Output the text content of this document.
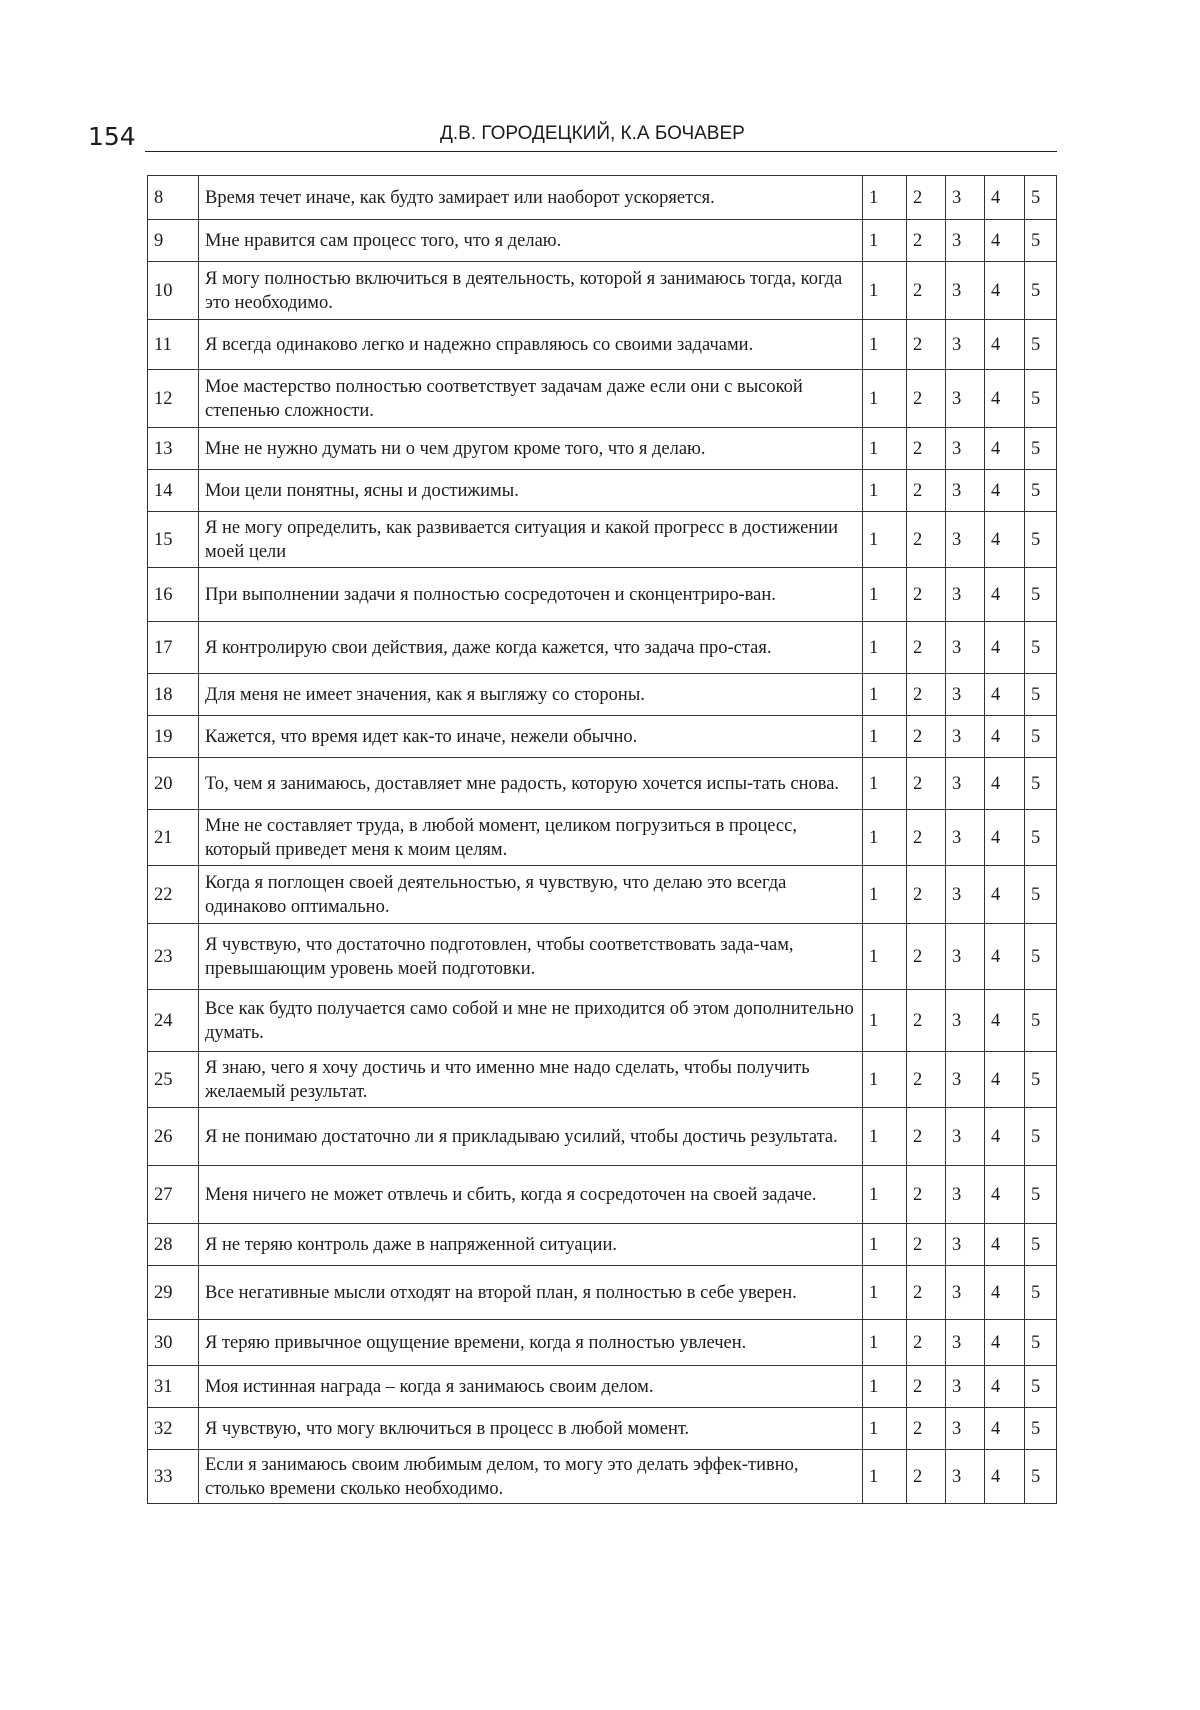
154	Д.В. ГОРОДЕЦКИЙ, К.А БОЧАВЕР
8	Время течет иначе, как будто замирает или наоборот ускоряется.	1	2	3	4	5
9	Мне нравится сам процесс того, что я делаю.	1	2	3	4	5
10	Я могу полностью включиться в деятельность, которой я занимаюсь тогда, когда это необходимо.	1	2	3	4	5
11	Я всегда одинаково легко и надежно справляюсь со своими задачами.	1	2	3	4	5
12	Мое мастерство полностью соответствует задачам даже если они с высокой степенью сложности.	1	2	3	4	5
13	Мне не нужно думать ни о чем другом кроме того, что я делаю.	1	2	3	4	5
14	Мои цели понятны, ясны и достижимы.	1	2	3	4	5
15	Я не могу определить, как развивается ситуация и какой прогресс в достижении моей цели	1	2	3	4	5
16	При выполнении задачи я полностью сосредоточен и сконцентриро-ван.	1	2	3	4	5
17	Я контролирую свои действия, даже когда кажется, что задача про-стая.	1	2	3	4	5
18	Для меня не имеет значения, как я выгляжу со стороны.	1	2	3	4	5
19	Кажется, что время идет как-то иначе, нежели обычно.	1	2	3	4	5
20	То, чем я занимаюсь, доставляет мне радость, которую хочется испы-тать снова.	1	2	3	4	5
21	Мне не составляет труда, в любой момент, целиком погрузиться в процесс, который приведет меня к моим целям.	1	2	3	4	5
22	Когда я поглощен своей деятельностью, я чувствую, что делаю это всегда одинаково оптимально.	1	2	3	4	5
23	Я чувствую, что достаточно подготовлен, чтобы соответствовать зада-чам, превышающим уровень моей подготовки.	1	2	3	4	5
24	Все как будто получается само собой и мне не приходится об этом дополнительно думать.	1	2	3	4	5
25	Я знаю, чего я хочу достичь и что именно мне надо сделать, чтобы получить желаемый результат.	1	2	3	4	5
26	Я не понимаю достаточно ли я прикладываю усилий, чтобы достичь результата.	1	2	3	4	5
27	Меня ничего не может отвлечь и сбить, когда я сосредоточен на своей задаче.	1	2	3	4	5
28	Я не теряю контроль даже в напряженной ситуации.	1	2	3	4	5
29	Все негативные мысли отходят на второй план, я полностью в себе уверен.	1	2	3	4	5
30	Я теряю привычное ощущение времени, когда я полностью увлечен.	1	2	3	4	5
31	Моя истинная награда – когда я занимаюсь своим делом.	1	2	3	4	5
32	Я чувствую, что могу включиться в процесс в любой момент.	1	2	3	4	5
33	Если я занимаюсь своим любимым делом, то могу это делать эффек-тивно, столько времени сколько необходимо.	1	2	3	4	5
